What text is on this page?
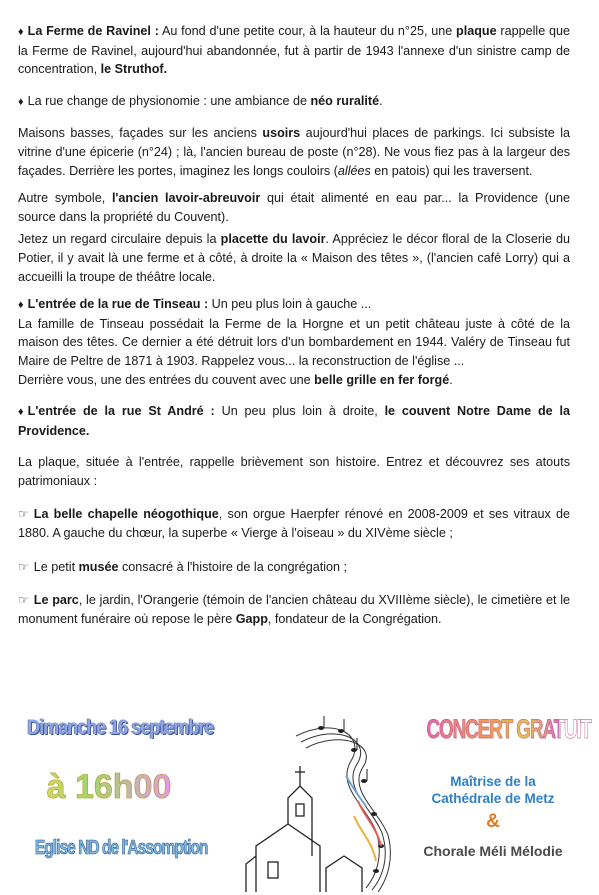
♦ La Ferme de Ravinel : Au fond d'une petite cour, à la hauteur du n°25, une plaque rappelle que la Ferme de Ravinel, aujourd'hui abandonnée, fut à partir de 1943 l'annexe d'un sinistre camp de concentration, le Struthof.

♦ La rue change de physionomie : une ambiance de néo ruralité.

Maisons basses, façades sur les anciens usoirs aujourd'hui places de parkings. Ici subsiste la vitrine d'une épicerie (n°24) ; là, l'ancien bureau de poste (n°28). Ne vous fiez pas à la largeur des façades. Derrière les portes, imaginez les longs couloirs (allées en patois) qui les traversent.

Autre symbole, l'ancien lavoir-abreuvoir qui était alimenté en eau par... la Providence (une source dans la propriété du Couvent).

Jetez un regard circulaire depuis la placette du lavoir. Appréciez le décor floral de la Closerie du Potier, il y avait là une ferme et à côté, à droite la « Maison des têtes », (l'ancien café Lorry) qui a accueilli la troupe de théâtre locale.

♦ L'entrée de la rue de Tinseau : Un peu plus loin à gauche ...

La famille de Tinseau possédait la Ferme de la Horgne et un petit château juste à côté de la maison des têtes. Ce dernier a été détruit lors d'un bombardement en 1944. Valéry de Tinseau fut Maire de Peltre de 1871 à 1903. Rappelez vous... la reconstruction de l'église ...

Derrière vous, une des entrées du couvent avec une belle grille en fer forgé.

♦ L'entrée de la rue St André : Un peu plus loin à droite, le couvent Notre Dame de la Providence.

La plaque, située à l'entrée, rappelle brièvement son histoire. Entrez et découvrez ses atouts patrimoniaux :

☞ La belle chapelle néogothique, son orgue Haerpfer rénové en 2008-2009 et ses vitraux de 1880. A gauche du chœur, la superbe « Vierge à l'oiseau » du XIVème siècle ;

☞ Le petit musée consacré à l'histoire de la congrégation ;

☞ Le parc, le jardin, l'Orangerie (témoin de l'ancien château du XVIIIème siècle), le cimetière et le monument funéraire où repose le père Gapp, fondateur de la Congrégation.

Dimanche 16 septembre
à 16h00
Eglise ND de l'Assomption
CONCERT GRATUIT
Maîtrise de la
Cathédrale de Metz
&
Chorale Méli Mélodie
